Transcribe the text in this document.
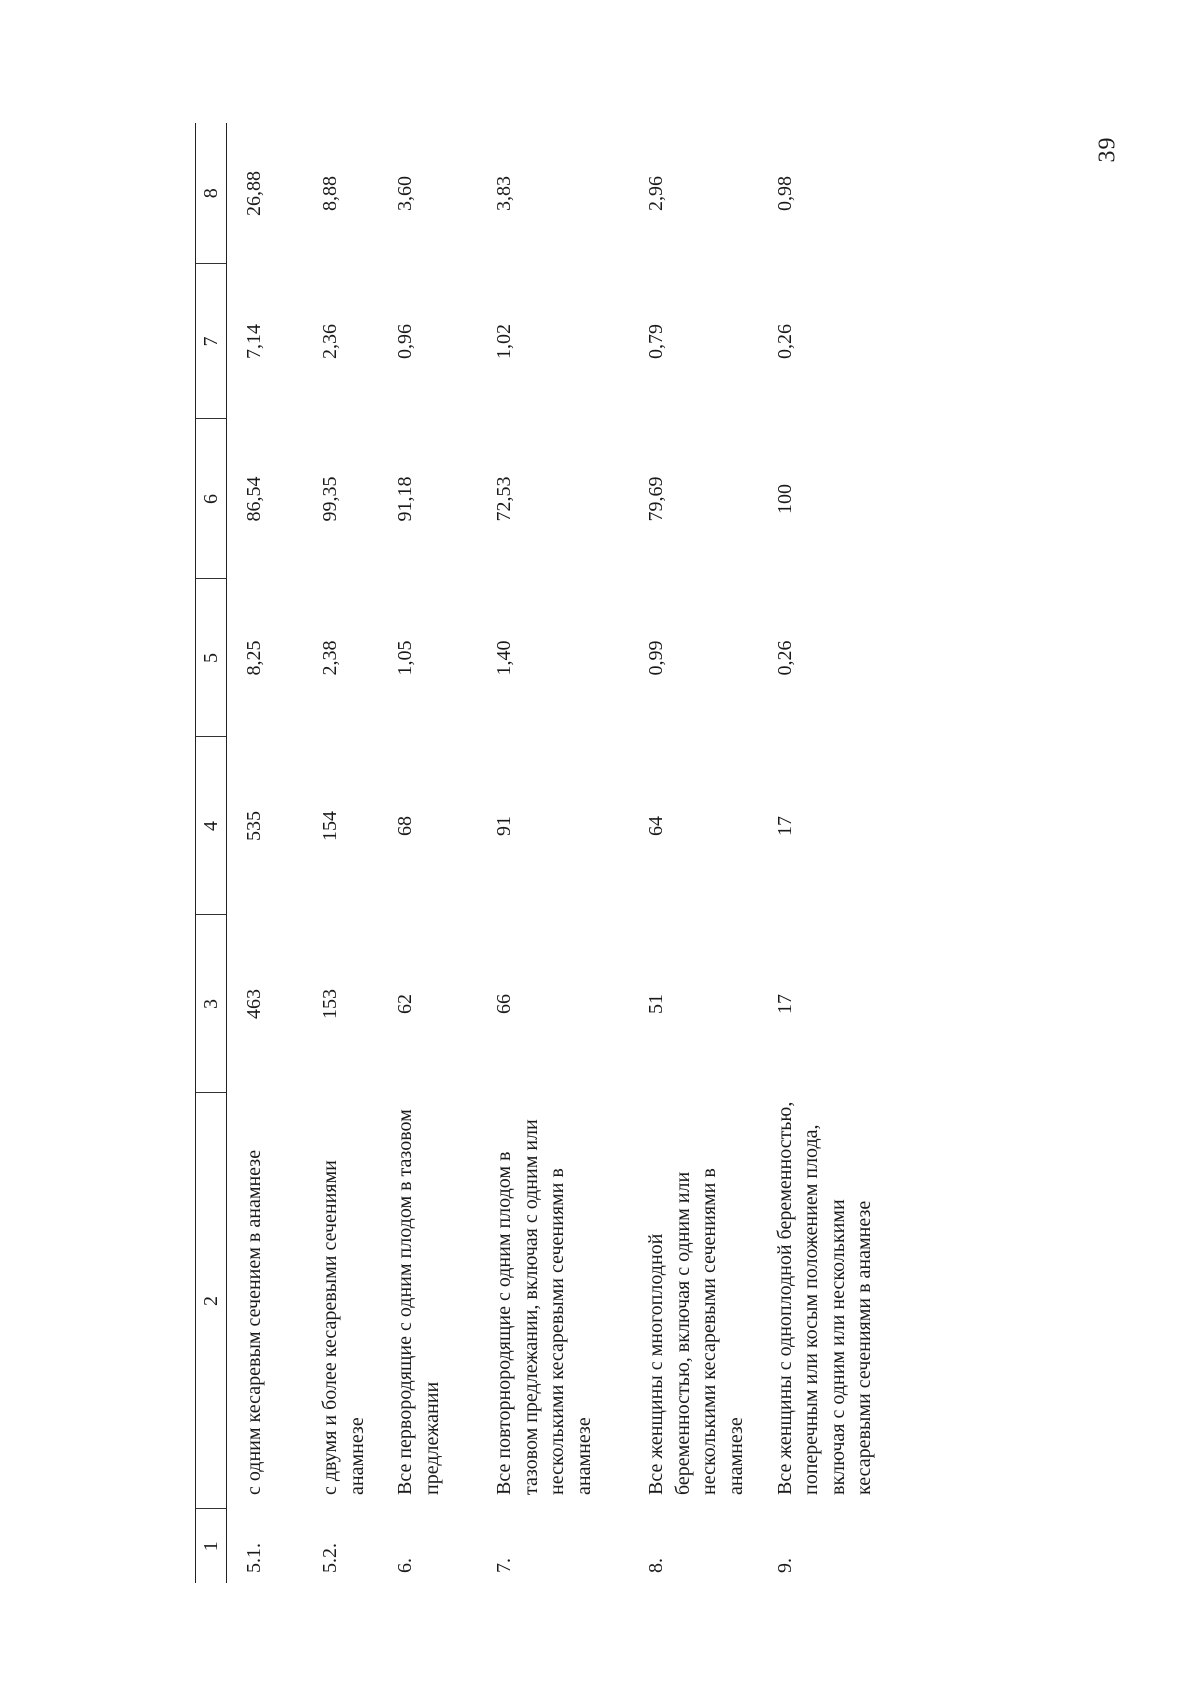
39
1	2	3	4	5	6	7	8
5.1.	с одним кесаревым сечением в анамнезе	463	535	8,25	86,54	7,14	26,88
5.2.	с двумя и более кесаревыми сечениями анамнезе	153	154	2,38	99,35	2,36	8,88
6.	Все первородящие с одним плодом в тазовом предлежании	62	68	1,05	91,18	0,96	3,60
7.	Все повторнородящие с одним плодом в тазовом предлежании, включая с одним или несколькими кесаревыми сечениями в анамнезе	66	91	1,40	72,53	1,02	3,83
8.	Все женщины с многоплодной беременностью, включая с одним или несколькими кесаревыми сечениями в анамнезе	51	64	0,99	79,69	0,79	2,96
9.	Все женщины с одноплодной беременностью, поперечным или косым положением плода, включая с одним или несколькими кесаревыми сечениями в анамнезе	17	17	0,26	100	0,26	0,98
